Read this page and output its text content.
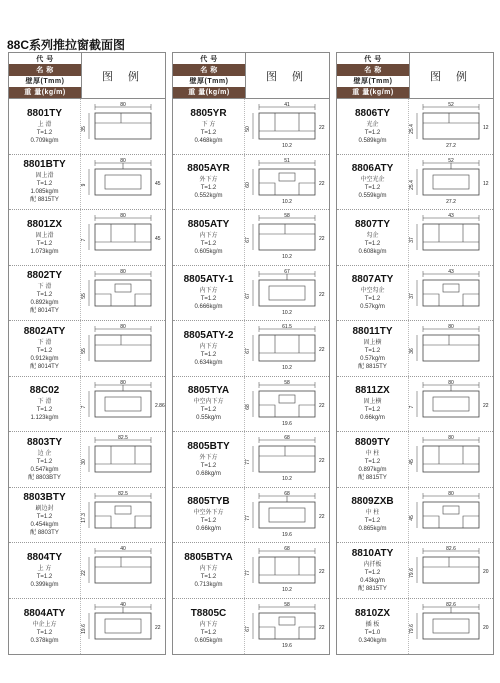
88C系列推拉窗截面图
代 号
名 称
壁厚(Tmm)
重 量(kg/m)
图 例
8801TY
上 滑
T=1.2
0.709kg/m
80
35
8801BTY
固上滑
T=1.2
1.085kg/m
配 8815TY
80
9	45
8801ZX
固上滑
T=1.2
1.073kg/m
80
7	45
8802TY
下 滑
T=1.2
0.892kg/m
配 8014TY
80
55
8802ATY
下 滑
T=1.2
0.912kg/m
配 8014TY
80
55
88C02
下 滑
T=1.2
1.123kg/m
80
7	2.86
8803TY
边 企
T=1.2
0.547kg/m
配 8803BTY
82.5
30
8803BTY
刷边封
T=1.2
0.454kg/m
配 8803TY
82.5
17.3
8804TY
上 方
T=1.2
0.399kg/m
40
22
8804ATY
中企上方
T=1.2
0.378kg/m
40
19.6	22
代 号
名 称
壁厚(Tmm)
重 量(kg/m)
图 例
8805YR
下 方
T=1.2
0.468kg/m
41
50	22
10.2
8805AYR
外下方
T=1.2
0.552kg/m
51
60	22
10.2
8805ATY
内下方
T=1.2
0.605kg/m
58
67	22
10.2
8805ATY-1
内下方
T=1.2
0.666kg/m
67
67	22
10.2
8805ATY-2
内下方
T=1.2
0.634kg/m
61.5
67	22
10.2
8805TYA
中空内下方
T=1.2
0.55kg/m
58
68	22
19.6
8805BTY
外下方
T=1.2
0.68kg/m
68
77	22
10.2
8805TYB
中空外下方
T=1.2
0.66kg/m
68
77	22
19.6
8805BTYA
内下方
T=1.2
0.713kg/m
68
77	22
10.2
T8805C
内下方
T=1.2
0.605kg/m
58
67	22
19.6
代 号
名 称
壁厚(Tmm)
重 量(kg/m)
图 例
8806TY
光企
T=1.2
0.589kg/m
52
25.4	12
27.2
8806ATY
中空光企
T=1.2
0.559kg/m
52
25.4	12
27.2
8807TY
勾企
T=1.2
0.608kg/m
43
37
8807ATY
中空勾企
T=1.2
0.57kg/m
43
37
88011TY
固上横
T=1.2
0.57kg/m
配 8815TY
80
36
8811ZX
固上横
T=1.2
0.66kg/m
80
7	22
8809TY
中 柱
T=1.2
0.897kg/m
配 8815TY
80
45
8809ZXB
中 柱
T=1.2
0.865kg/m
80
45
8810ATY
内扦板
T=1.2
0.43kg/m
配 8815TY
82.6
79.6	20
8810ZX
插 板
T=1.0
0.340kg/m
82.6
79.6	20
